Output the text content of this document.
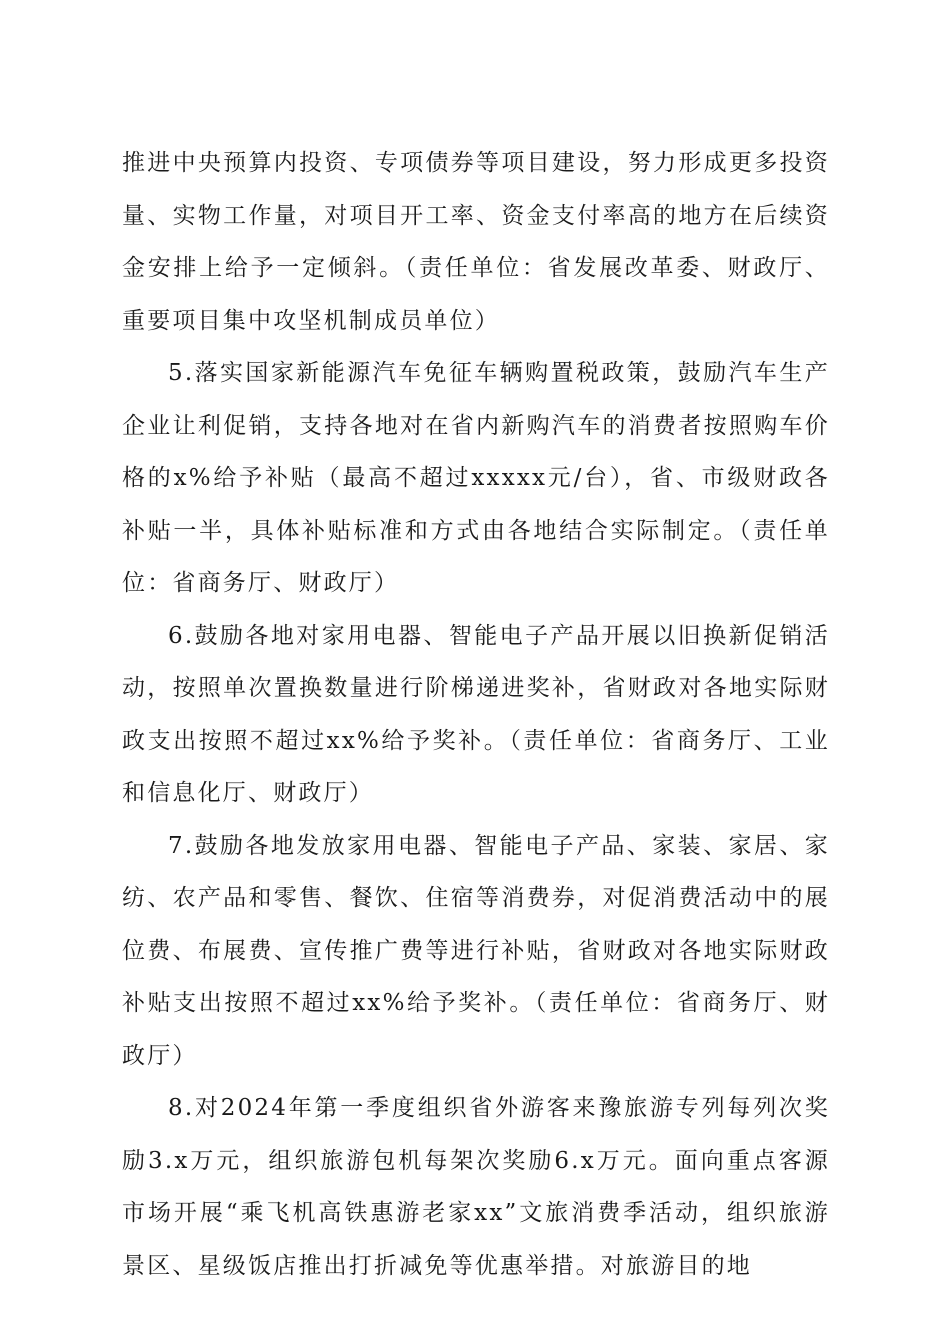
推进中央预算内投资、专项债券等项目建设，努力形成更多投资量、实物工作量，对项目开工率、资金支付率高的地方在后续资金安排上给予一定倾斜。（责任单位：省发展改革委、财政厅、重要项目集中攻坚机制成员单位）

5.落实国家新能源汽车免征车辆购置税政策，鼓励汽车生产企业让利促销，支持各地对在省内新购汽车的消费者按照购车价格的x%给予补贴（最高不超过xxxxx元/台），省、市级财政各补贴一半，具体补贴标准和方式由各地结合实际制定。（责任单位：省商务厅、财政厅）

6.鼓励各地对家用电器、智能电子产品开展以旧换新促销活动，按照单次置换数量进行阶梯递进奖补，省财政对各地实际财政支出按照不超过xx%给予奖补。（责任单位：省商务厅、工业和信息化厅、财政厅）

7.鼓励各地发放家用电器、智能电子产品、家装、家居、家纺、农产品和零售、餐饮、住宿等消费券，对促消费活动中的展位费、布展费、宣传推广费等进行补贴，省财政对各地实际财政补贴支出按照不超过xx%给予奖补。（责任单位：省商务厅、财政厅）

8.对2024年第一季度组织省外游客来豫旅游专列每列次奖励3.x万元，组织旅游包机每架次奖励6.x万元。面向重点客源市场开展“乘飞机高铁惠游老家xx”文旅消费季活动，组织旅游景区、星级饭店推出打折减免等优惠举措。对旅游目的地
